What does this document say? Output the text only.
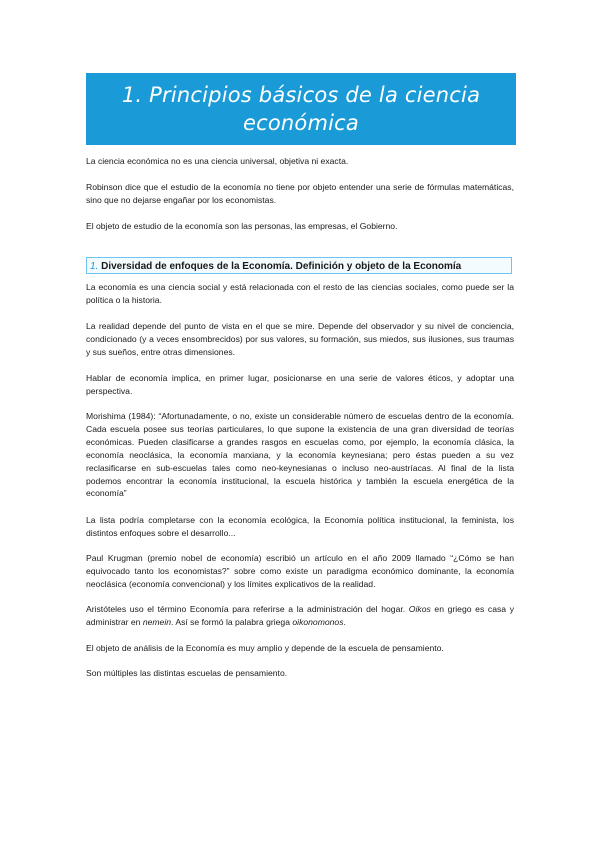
1. Principios básicos de la ciencia
económica

La ciencia económica no es una ciencia universal, objetiva ni exacta.

Robinson dice que el estudio de la economía no tiene por objeto entender una serie de fórmulas matemáticas, sino que no dejarse engañar por los economistas.

El objeto de estudio de la economía son las personas, las empresas, el Gobierno.

1. Diversidad de enfoques de la Economía. Definición y objeto de la Economía

La economía es una ciencia social y está relacionada con el resto de las ciencias sociales, como puede ser la política o la historia.

La realidad depende del punto de vista en el que se mire. Depende del observador y su nivel de conciencia, condicionado (y a veces ensombrecidos) por sus valores, su formación, sus miedos, sus ilusiones, sus traumas y sus sueños, entre otras dimensiones.

Hablar de economía implica, en primer lugar, posicionarse en una serie de valores éticos, y adoptar una perspectiva.

Morishima (1984): “Afortunadamente, o no, existe un considerable número de escuelas dentro de la economía. Cada escuela posee sus teorías particulares, lo que supone la existencia de una gran diversidad de teorías económicas. Pueden clasificarse a grandes rasgos en escuelas como, por ejemplo, la economía clásica, la economía neoclásica, la economía marxiana, y la economía keynesiana; pero éstas pueden a su vez reclasificarse en sub-escuelas tales como neo-keynesianas o incluso neo-austríacas. Al final de la lista podemos encontrar la economía institucional, la escuela histórica y también la escuela energética de la economía”

La lista podría completarse con la economía ecológica, la Economía política institucional, la feminista, los distintos enfoques sobre el desarrollo...

Paul Krugman (premio nobel de economía) escribió un artículo en el año 2009 llamado “¿Cómo se han equivocado tanto los economistas?” sobre como existe un paradigma económico dominante, la economía neoclásica (economía convencional) y los límites explicativos de la realidad.

Aristóteles uso el término Economía para referirse a la administración del hogar. Oikos en griego es casa y administrar en nemein. Así se formó la palabra griega oikonomonos.

El objeto de análisis de la Economía es muy amplio y depende de la escuela de pensamiento.

Son múltiples las distintas escuelas de pensamiento.
